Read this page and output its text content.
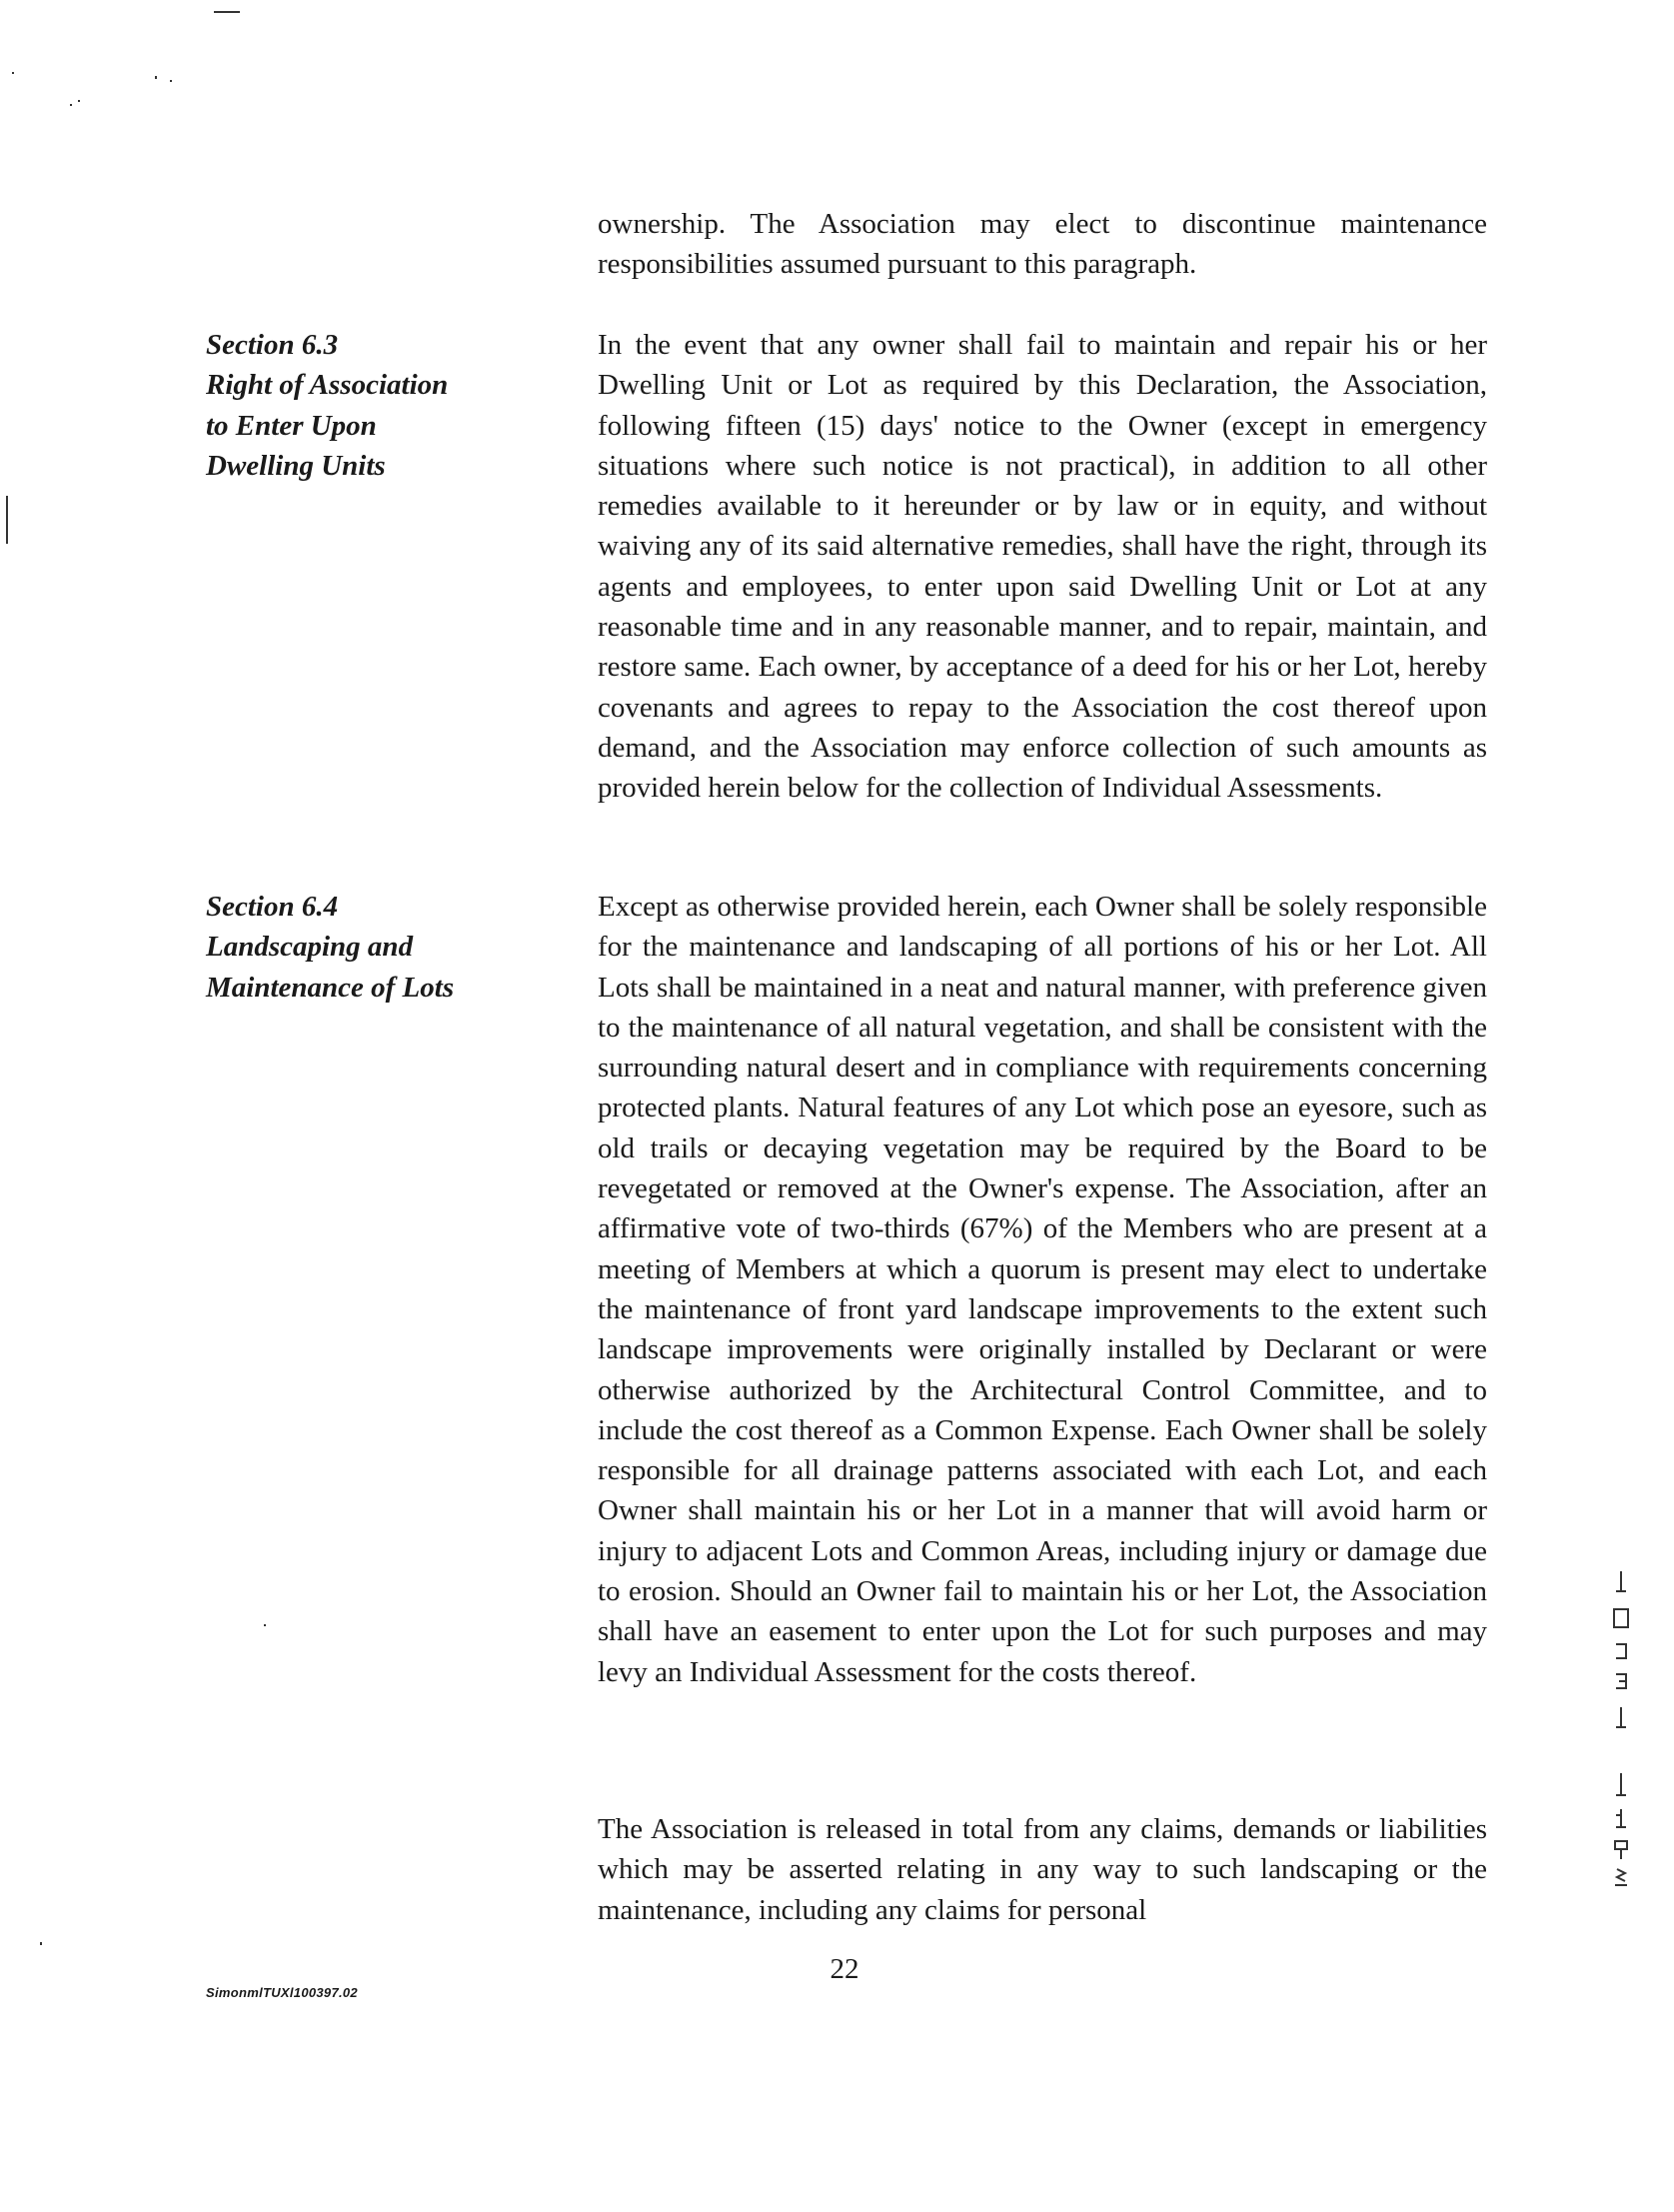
ownership. The Association may elect to discontinue maintenance responsibilities assumed pursuant to this paragraph.

Section 6.3
Right of Association
to Enter Upon
Dwelling Units

In the event that any owner shall fail to maintain and repair his or her Dwelling Unit or Lot as required by this Declaration, the Association, following fifteen (15) days' notice to the Owner (except in emergency situations where such notice is not practical), in addition to all other remedies available to it hereunder or by law or in equity, and without waiving any of its said alternative remedies, shall have the right, through its agents and employees, to enter upon said Dwelling Unit or Lot at any reasonable time and in any reasonable manner, and to repair, maintain, and restore same. Each owner, by acceptance of a deed for his or her Lot, hereby covenants and agrees to repay to the Association the cost thereof upon demand, and the Association may enforce collection of such amounts as provided herein below for the collection of Individual Assessments.

Section 6.4
Landscaping and
Maintenance of Lots

Except as otherwise provided herein, each Owner shall be solely responsible for the maintenance and landscaping of all portions of his or her Lot. All Lots shall be maintained in a neat and natural manner, with preference given to the maintenance of all natural vegetation, and shall be consistent with the surrounding natural desert and in compliance with requirements concerning protected plants. Natural features of any Lot which pose an eyesore, such as old trails or decaying vegetation may be required by the Board to be revegetated or removed at the Owner's expense. The Association, after an affirmative vote of two-thirds (67%) of the Members who are present at a meeting of Members at which a quorum is present may elect to undertake the maintenance of front yard landscape improvements to the extent such landscape improvements were originally installed by Declarant or were otherwise authorized by the Architectural Control Committee, and to include the cost thereof as a Common Expense. Each Owner shall be solely responsible for all drainage patterns associated with each Lot, and each Owner shall maintain his or her Lot in a manner that will avoid harm or injury to adjacent Lots and Common Areas, including injury or damage due to erosion. Should an Owner fail to maintain his or her Lot, the Association shall have an easement to enter upon the Lot for such purposes and may levy an Individual Assessment for the costs thereof.

The Association is released in total from any claims, demands or liabilities which may be asserted relating in any way to such landscaping or the maintenance, including any claims for personal

22
SimonmlTUXl100397.02
